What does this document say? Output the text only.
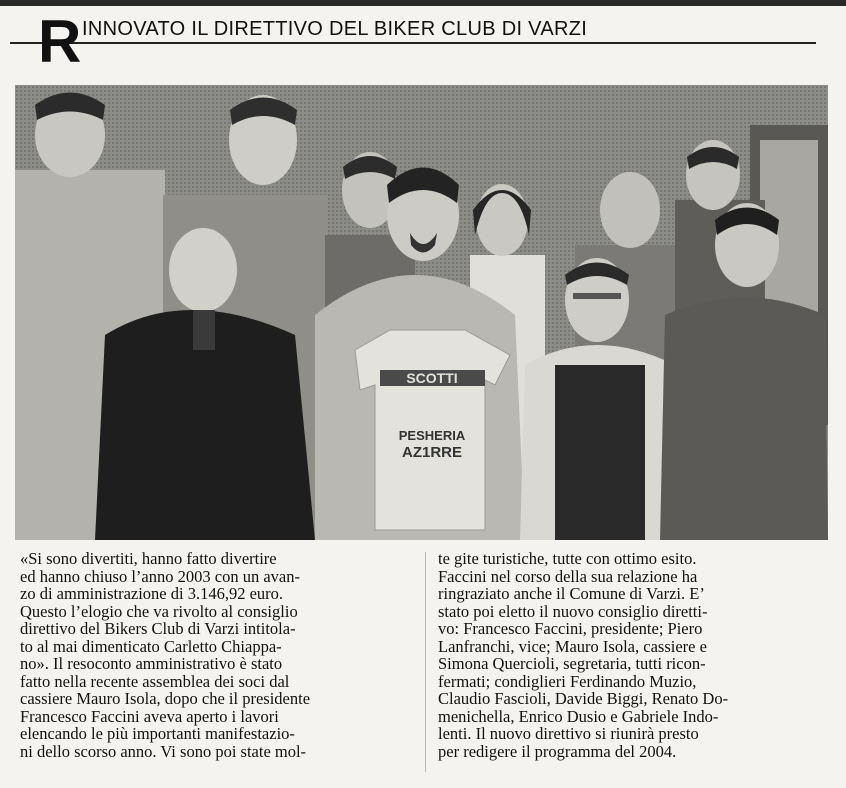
R INNOVATO IL DIRETTIVO DEL BIKER CLUB DI VARZI
SCOTTI
PESHERIA
AZ1RRE
«Si sono divertiti, hanno fatto divertire
ed hanno chiuso l’anno 2003 con un avan-
zo di amministrazione di 3.146,92 euro.
Questo l’elogio che va rivolto al consiglio
direttivo del Bikers Club di Varzi intitola-
to al mai dimenticato Carletto Chiappa-
no». Il resoconto amministrativo è stato
fatto nella recente assemblea dei soci dal
cassiere Mauro Isola, dopo che il presidente
Francesco Faccini aveva aperto i lavori
elencando le più importanti manifestazio-
ni dello scorso anno. Vi sono poi state mol-
te gite turistiche, tutte con ottimo esito.
Faccini nel corso della sua relazione ha
ringraziato anche il Comune di Varzi. E’
stato poi eletto il nuovo consiglio diretti-
vo: Francesco Faccini, presidente; Piero
Lanfranchi, vice; Mauro Isola, cassiere e
Simona Quercioli, segretaria, tutti ricon-
fermati; condiglieri Ferdinando Muzio,
Claudio Fascioli, Davide Biggi, Renato Do-
menichella, Enrico Dusio e Gabriele Indo-
lenti. Il nuovo direttivo si riunirà presto
per redigere il programma del 2004.
